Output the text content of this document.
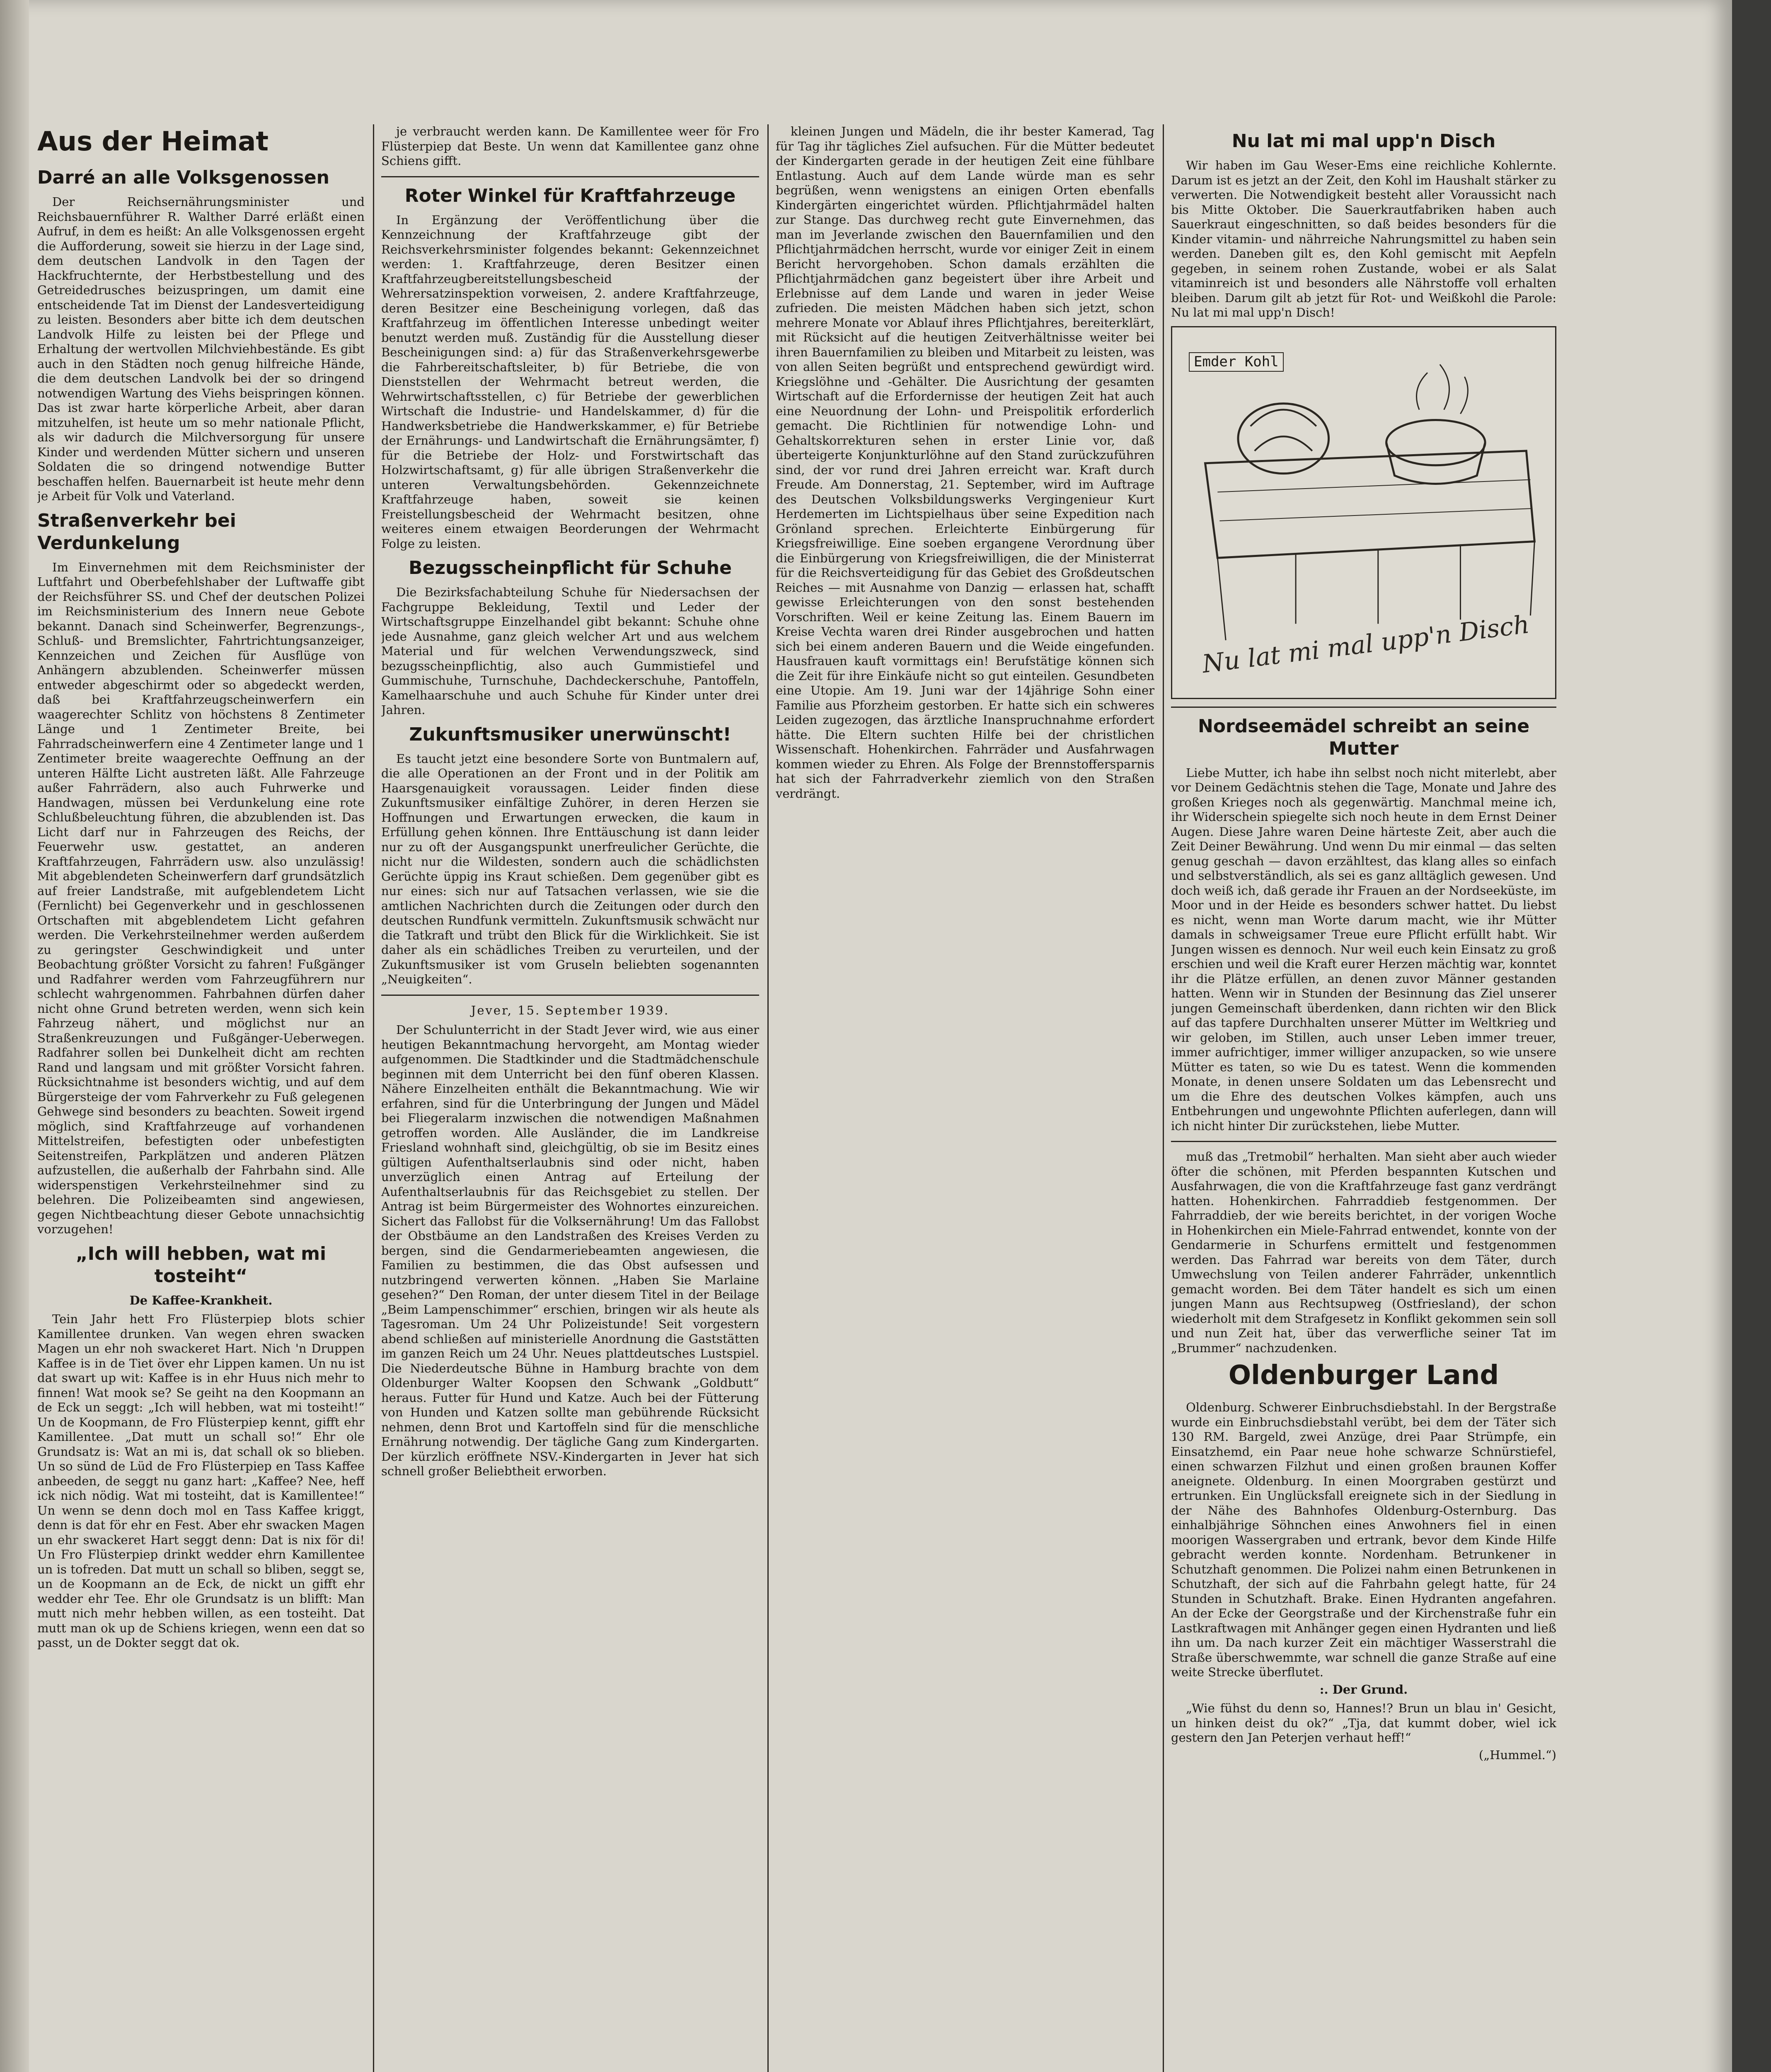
Aus der Heimat
Darré an alle Volksgenossen

Der Reichsernährungsminister und Reichsbauernführer R. Walther Darré erläßt einen Aufruf, in dem es heißt: An alle Volksgenossen ergeht die Aufforderung, soweit sie hierzu in der Lage sind, dem deutschen Landvolk in den Tagen der Hackfruchternte, der Herbstbestellung und des Getreidedrusches beizuspringen, um damit eine entscheidende Tat im Dienst der Landesverteidigung zu leisten. Besonders aber bitte ich dem deutschen Landvolk Hilfe zu leisten bei der Pflege und Erhaltung der wertvollen Milchviehbestände. Es gibt auch in den Städten noch genug hilfreiche Hände, die dem deutschen Landvolk bei der so dringend notwendigen Wartung des Viehs beispringen können. Das ist zwar harte körperliche Arbeit, aber daran mitzuhelfen, ist heute um so mehr nationale Pflicht, als wir dadurch die Milchversorgung für unsere Kinder und werdenden Mütter sichern und unseren Soldaten die so dringend notwendige Butter beschaffen helfen. Bauernarbeit ist heute mehr denn je Arbeit für Volk und Vaterland.

Straßenverkehr bei Verdunkelung

Im Einvernehmen mit dem Reichsminister der Luftfahrt und Oberbefehlshaber der Luftwaffe gibt der Reichsführer SS. und Chef der deutschen Polizei im Reichsministerium des Innern neue Gebote bekannt. Danach sind Scheinwerfer, Begrenzungs-, Schluß- und Bremslichter, Fahrtrichtungsanzeiger, Kennzeichen und Zeichen für Ausflüge von Anhängern abzublenden. Scheinwerfer müssen entweder abgeschirmt oder so abgedeckt werden, daß bei Kraftfahrzeugscheinwerfern ein waagerechter Schlitz von höchstens 8 Zentimeter Länge und 1 Zentimeter Breite, bei Fahrradscheinwerfern eine 4 Zentimeter lange und 1 Zentimeter breite waagerechte Oeffnung an der unteren Hälfte Licht austreten läßt. Alle Fahrzeuge außer Fahrrädern, also auch Fuhrwerke und Handwagen, müssen bei Verdunkelung eine rote Schlußbeleuchtung führen, die abzublenden ist. Das Licht darf nur in Fahrzeugen des Reichs, der Feuerwehr usw. gestattet, an anderen Kraftfahrzeugen, Fahrrädern usw. also unzulässig! Mit abgeblendeten Scheinwerfern darf grundsätzlich auf freier Landstraße, mit aufgeblendetem Licht (Fernlicht) bei Gegenverkehr und in geschlossenen Ortschaften mit abgeblendetem Licht gefahren werden. Die Verkehrsteilnehmer werden außerdem zu geringster Geschwindigkeit und unter Beobachtung größter Vorsicht zu fahren! Fußgänger und Radfahrer werden vom Fahrzeugführern nur schlecht wahrgenommen. Fahrbahnen dürfen daher nicht ohne Grund betreten werden, wenn sich kein Fahrzeug nähert, und möglichst nur an Straßenkreuzungen und Fußgänger-Ueberwegen. Radfahrer sollen bei Dunkelheit dicht am rechten Rand und langsam und mit größter Vorsicht fahren. Rücksichtnahme ist besonders wichtig, und auf dem Bürgersteige der vom Fahrverkehr zu Fuß gelegenen Gehwege sind besonders zu beachten. Soweit irgend möglich, sind Kraftfahrzeuge auf vorhandenen Mittelstreifen, befestigten oder unbefestigten Seitenstreifen, Parkplätzen und anderen Plätzen aufzustellen, die außerhalb der Fahrbahn sind. Alle widerspenstigen Verkehrsteilnehmer sind zu belehren. Die Polizeibeamten sind angewiesen, gegen Nichtbeachtung dieser Gebote unnachsichtig vorzugehen!

„Ich will hebben, wat mi tosteiht“
De Kaffee-Krankheit.

Tein Jahr hett Fro Flüsterpiep blots schier Kamillentee drunken. Van wegen ehren swacken Magen un ehr noh swackeret Hart. Nich 'n Druppen Kaffee is in de Tiet över ehr Lippen kamen. Un nu ist dat swart up wit: Kaffee is in ehr Huus nich mehr to finnen! Wat mook se? Se geiht na den Koopmann an de Eck un seggt: „Ich will hebben, wat mi tosteiht!“ Un de Koopmann, de Fro Flüsterpiep kennt, gifft ehr Kamillentee. „Dat mutt un schall so!“ Ehr ole Grundsatz is: Wat an mi is, dat schall ok so blieben. Un so sünd de Lüd de Fro Flüsterpiep en Tass Kaffee anbeeden, de seggt nu ganz hart: „Kaffee? Nee, heff ick nich nödig. Wat mi tosteiht, dat is Kamillentee!“ Un wenn se denn doch mol en Tass Kaffee kriggt, denn is dat för ehr en Fest. Aber ehr swacken Magen un ehr swackeret Hart seggt denn: Dat is nix för di! Un Fro Flüsterpiep drinkt wedder ehrn Kamillentee un is tofreden. Dat mutt un schall so bliben, seggt se, un de Koopmann an de Eck, de nickt un gifft ehr wedder ehr Tee. Ehr ole Grundsatz is un blifft: Man mutt nich mehr hebben willen, as een tosteiht. Dat mutt man ok up de Schiens kriegen, wenn een dat so passt, un de Dokter seggt dat ok.

je verbraucht werden kann. De Kamillentee weer för Fro Flüsterpiep dat Beste. Un wenn dat Kamillentee ganz ohne Schiens gifft.

Roter Winkel für Kraftfahrzeuge

In Ergänzung der Veröffentlichung über die Kennzeichnung der Kraftfahrzeuge gibt der Reichsverkehrsminister folgendes bekannt: Gekennzeichnet werden: 1. Kraftfahrzeuge, deren Besitzer einen Kraftfahrzeugbereitstellungsbescheid der Wehrersatzinspektion vorweisen, 2. andere Kraftfahrzeuge, deren Besitzer eine Bescheinigung vorlegen, daß das Kraftfahrzeug im öffentlichen Interesse unbedingt weiter benutzt werden muß. Zuständig für die Ausstellung dieser Bescheinigungen sind: a) für das Straßenverkehrsgewerbe die Fahrbereitschaftsleiter, b) für Betriebe, die von Dienststellen der Wehrmacht betreut werden, die Wehrwirtschaftsstellen, c) für Betriebe der gewerblichen Wirtschaft die Industrie- und Handelskammer, d) für die Handwerksbetriebe die Handwerkskammer, e) für Betriebe der Ernährungs- und Landwirtschaft die Ernährungsämter, f) für die Betriebe der Holz- und Forstwirtschaft das Holzwirtschaftsamt, g) für alle übrigen Straßenverkehr die unteren Verwaltungsbehörden. Gekennzeichnete Kraftfahrzeuge haben, soweit sie keinen Freistellungsbescheid der Wehrmacht besitzen, ohne weiteres einem etwaigen Beorderungen der Wehrmacht Folge zu leisten.

Bezugsscheinpflicht für Schuhe

Die Bezirksfachabteilung Schuhe für Niedersachsen der Fachgruppe Bekleidung, Textil und Leder der Wirtschaftsgruppe Einzelhandel gibt bekannt: Schuhe ohne jede Ausnahme, ganz gleich welcher Art und aus welchem Material und für welchen Verwendungszweck, sind bezugsscheinpflichtig, also auch Gummistiefel und Gummischuhe, Turnschuhe, Dachdeckerschuhe, Pantoffeln, Kamelhaarschuhe und auch Schuhe für Kinder unter drei Jahren.

Zukunftsmusiker unerwünscht!

Es taucht jetzt eine besondere Sorte von Buntmalern auf, die alle Operationen an der Front und in der Politik am Haarsgenauigkeit voraussagen. Leider finden diese Zukunftsmusiker einfältige Zuhörer, in deren Herzen sie Hoffnungen und Erwartungen erwecken, die kaum in Erfüllung gehen können. Ihre Enttäuschung ist dann leider nur zu oft der Ausgangspunkt unerfreulicher Gerüchte, die nicht nur die Wildesten, sondern auch die schädlichsten Gerüchte üppig ins Kraut schießen. Dem gegenüber gibt es nur eines: sich nur auf Tatsachen verlassen, wie sie die amtlichen Nachrichten durch die Zeitungen oder durch den deutschen Rundfunk vermitteln. Zukunftsmusik schwächt nur die Tatkraft und trübt den Blick für die Wirklichkeit. Sie ist daher als ein schädliches Treiben zu verurteilen, und der Zukunftsmusiker ist vom Gruseln beliebten sogenannten „Neuigkeiten“.

Jever, 15. September 1939.

Der Schulunterricht in der Stadt Jever wird, wie aus einer heutigen Bekanntmachung hervorgeht, am Montag wieder aufgenommen. Die Stadtkinder und die Stadtmädchenschule beginnen mit dem Unterricht bei den fünf oberen Klassen. Nähere Einzelheiten enthält die Bekanntmachung. Wie wir erfahren, sind für die Unterbringung der Jungen und Mädel bei Fliegeralarm inzwischen die notwendigen Maßnahmen getroffen worden. Alle Ausländer, die im Landkreise Friesland wohnhaft sind, gleichgültig, ob sie im Besitz eines gültigen Aufenthaltserlaubnis sind oder nicht, haben unverzüglich einen Antrag auf Erteilung der Aufenthaltserlaubnis für das Reichsgebiet zu stellen. Der Antrag ist beim Bürgermeister des Wohnortes einzureichen. Sichert das Fallobst für die Volksernährung! Um das Fallobst der Obstbäume an den Landstraßen des Kreises Verden zu bergen, sind die Gendarmeriebeamten angewiesen, die Familien zu bestimmen, die das Obst aufsessen und nutzbringend verwerten können. „Haben Sie Marlaine gesehen?“ Den Roman, der unter diesem Titel in der Beilage „Beim Lampenschimmer“ erschien, bringen wir als heute als Tagesroman. Um 24 Uhr Polizeistunde! Seit vorgestern abend schließen auf ministerielle Anordnung die Gaststätten im ganzen Reich um 24 Uhr. Neues plattdeutsches Lustspiel. Die Niederdeutsche Bühne in Hamburg brachte von dem Oldenburger Walter Koopsen den Schwank „Goldbutt“ heraus. Futter für Hund und Katze. Auch bei der Fütterung von Hunden und Katzen sollte man gebührende Rücksicht nehmen, denn Brot und Kartoffeln sind für die menschliche Ernährung notwendig. Der tägliche Gang zum Kindergarten. Der kürzlich eröffnete NSV.-Kindergarten in Jever hat sich schnell großer Beliebtheit erworben.

kleinen Jungen und Mädeln, die ihr bester Kamerad, Tag für Tag ihr tägliches Ziel aufsuchen. Für die Mütter bedeutet der Kindergarten gerade in der heutigen Zeit eine fühlbare Entlastung. Auch auf dem Lande würde man es sehr begrüßen, wenn wenigstens an einigen Orten ebenfalls Kindergärten eingerichtet würden. Pflichtjahrmädel halten zur Stange. Das durchweg recht gute Einvernehmen, das man im Jeverlande zwischen den Bauernfamilien und den Pflichtjahrmädchen herrscht, wurde vor einiger Zeit in einem Bericht hervorgehoben. Schon damals erzählten die Pflichtjahrmädchen ganz begeistert über ihre Arbeit und Erlebnisse auf dem Lande und waren in jeder Weise zufrieden. Die meisten Mädchen haben sich jetzt, schon mehrere Monate vor Ablauf ihres Pflichtjahres, bereiterklärt, mit Rücksicht auf die heutigen Zeitverhältnisse weiter bei ihren Bauernfamilien zu bleiben und Mitarbeit zu leisten, was von allen Seiten begrüßt und entsprechend gewürdigt wird. Kriegslöhne und -Gehälter. Die Ausrichtung der gesamten Wirtschaft auf die Erfordernisse der heutigen Zeit hat auch eine Neuordnung der Lohn- und Preispolitik erforderlich gemacht. Die Richtlinien für notwendige Lohn- und Gehaltskorrekturen sehen in erster Linie vor, daß überteigerte Konjunkturlöhne auf den Stand zurückzuführen sind, der vor rund drei Jahren erreicht war. Kraft durch Freude. Am Donnerstag, 21. September, wird im Auftrage des Deutschen Volksbildungswerks Vergingenieur Kurt Herdemerten im Lichtspielhaus über seine Expedition nach Grönland sprechen. Erleichterte Einbürgerung für Kriegsfreiwillige. Eine soeben ergangene Verordnung über die Einbürgerung von Kriegsfreiwilligen, die der Ministerrat für die Reichsverteidigung für das Gebiet des Großdeutschen Reiches — mit Ausnahme von Danzig — erlassen hat, schafft gewisse Erleichterungen von den sonst bestehenden Vorschriften. Weil er keine Zeitung las. Einem Bauern im Kreise Vechta waren drei Rinder ausgebrochen und hatten sich bei einem anderen Bauern und die Weide eingefunden. Hausfrauen kauft vormittags ein! Berufstätige können sich die Zeit für ihre Einkäufe nicht so gut einteilen. Gesundbeten eine Utopie. Am 19. Juni war der 14jährige Sohn einer Familie aus Pforzheim gestorben. Er hatte sich ein schweres Leiden zugezogen, das ärztliche Inanspruchnahme erfordert hätte. Die Eltern suchten Hilfe bei der christlichen Wissenschaft. Hohenkirchen. Fahrräder und Ausfahrwagen kommen wieder zu Ehren. Als Folge der Brennstoffersparnis hat sich der Fahrradverkehr ziemlich von den Straßen verdrängt.

Nu lat mi mal upp'n Disch

Wir haben im Gau Weser-Ems eine reichliche Kohlernte. Darum ist es jetzt an der Zeit, den Kohl im Haushalt stärker zu verwerten. Die Notwendigkeit besteht aller Voraussicht nach bis Mitte Oktober. Die Sauerkrautfabriken haben auch Sauerkraut eingeschnitten, so daß beides besonders für die Kinder vitamin- und nährreiche Nahrungsmittel zu haben sein werden. Daneben gilt es, den Kohl gemischt mit Aepfeln gegeben, in seinem rohen Zustande, wobei er als Salat vitaminreich ist und besonders alle Nährstoffe voll erhalten bleiben. Darum gilt ab jetzt für Rot- und Weißkohl die Parole: Nu lat mi mal upp'n Disch!

Emder Kohl
Nu lat mi mal upp'n Disch
Nordseemädel schreibt an seine Mutter

Liebe Mutter, ich habe ihn selbst noch nicht miterlebt, aber vor Deinem Gedächtnis stehen die Tage, Monate und Jahre des großen Krieges noch als gegenwärtig. Manchmal meine ich, ihr Widerschein spiegelte sich noch heute in dem Ernst Deiner Augen. Diese Jahre waren Deine härteste Zeit, aber auch die Zeit Deiner Bewährung. Und wenn Du mir einmal — das selten genug geschah — davon erzähltest, das klang alles so einfach und selbstverständlich, als sei es ganz alltäglich gewesen. Und doch weiß ich, daß gerade ihr Frauen an der Nordseeküste, im Moor und in der Heide es besonders schwer hattet. Du liebst es nicht, wenn man Worte darum macht, wie ihr Mütter damals in schweigsamer Treue eure Pflicht erfüllt habt. Wir Jungen wissen es dennoch. Nur weil euch kein Einsatz zu groß erschien und weil die Kraft eurer Herzen mächtig war, konntet ihr die Plätze erfüllen, an denen zuvor Männer gestanden hatten. Wenn wir in Stunden der Besinnung das Ziel unserer jungen Gemeinschaft überdenken, dann richten wir den Blick auf das tapfere Durchhalten unserer Mütter im Weltkrieg und wir geloben, im Stillen, auch unser Leben immer treuer, immer aufrichtiger, immer williger anzupacken, so wie unsere Mütter es taten, so wie Du es tatest. Wenn die kommenden Monate, in denen unsere Soldaten um das Lebensrecht und um die Ehre des deutschen Volkes kämpfen, auch uns Entbehrungen und ungewohnte Pflichten auferlegen, dann will ich nicht hinter Dir zurückstehen, liebe Mutter.

muß das „Tretmobil“ herhalten. Man sieht aber auch wieder öfter die schönen, mit Pferden bespannten Kutschen und Ausfahrwagen, die von die Kraftfahrzeuge fast ganz verdrängt hatten. Hohenkirchen. Fahrraddieb festgenommen. Der Fahrraddieb, der wie bereits berichtet, in der vorigen Woche in Hohenkirchen ein Miele-Fahrrad entwendet, konnte von der Gendarmerie in Schurfens ermittelt und festgenommen werden. Das Fahrrad war bereits von dem Täter, durch Umwechslung von Teilen anderer Fahrräder, unkenntlich gemacht worden. Bei dem Täter handelt es sich um einen jungen Mann aus Rechtsupweg (Ostfriesland), der schon wiederholt mit dem Strafgesetz in Konflikt gekommen sein soll und nun Zeit hat, über das verwerfliche seiner Tat im „Brummer“ nachzudenken.

Oldenburger Land

Oldenburg. Schwerer Einbruchsdiebstahl. In der Bergstraße wurde ein Einbruchsdiebstahl verübt, bei dem der Täter sich 130 RM. Bargeld, zwei Anzüge, drei Paar Strümpfe, ein Einsatzhemd, ein Paar neue hohe schwarze Schnürstiefel, einen schwarzen Filzhut und einen großen braunen Koffer aneignete. Oldenburg. In einen Moorgraben gestürzt und ertrunken. Ein Unglücksfall ereignete sich in der Siedlung in der Nähe des Bahnhofes Oldenburg-Osternburg. Das einhalbjährige Söhnchen eines Anwohners fiel in einen moorigen Wassergraben und ertrank, bevor dem Kinde Hilfe gebracht werden konnte. Nordenham. Betrunkener in Schutzhaft genommen. Die Polizei nahm einen Betrunkenen in Schutzhaft, der sich auf die Fahrbahn gelegt hatte, für 24 Stunden in Schutzhaft. Brake. Einen Hydranten angefahren. An der Ecke der Georgstraße und der Kirchenstraße fuhr ein Lastkraftwagen mit Anhänger gegen einen Hydranten und ließ ihn um. Da nach kurzer Zeit ein mächtiger Wasserstrahl die Straße überschwemmte, war schnell die ganze Straße auf eine weite Strecke überflutet.

:. Der Grund.

„Wie fühst du denn so, Hannes!? Brun un blau in' Gesicht, un hinken deist du ok?“ „Tja, dat kummt dober, wiel ick gestern den Jan Peterjen verhaut heff!“

(„Hummel.“)
